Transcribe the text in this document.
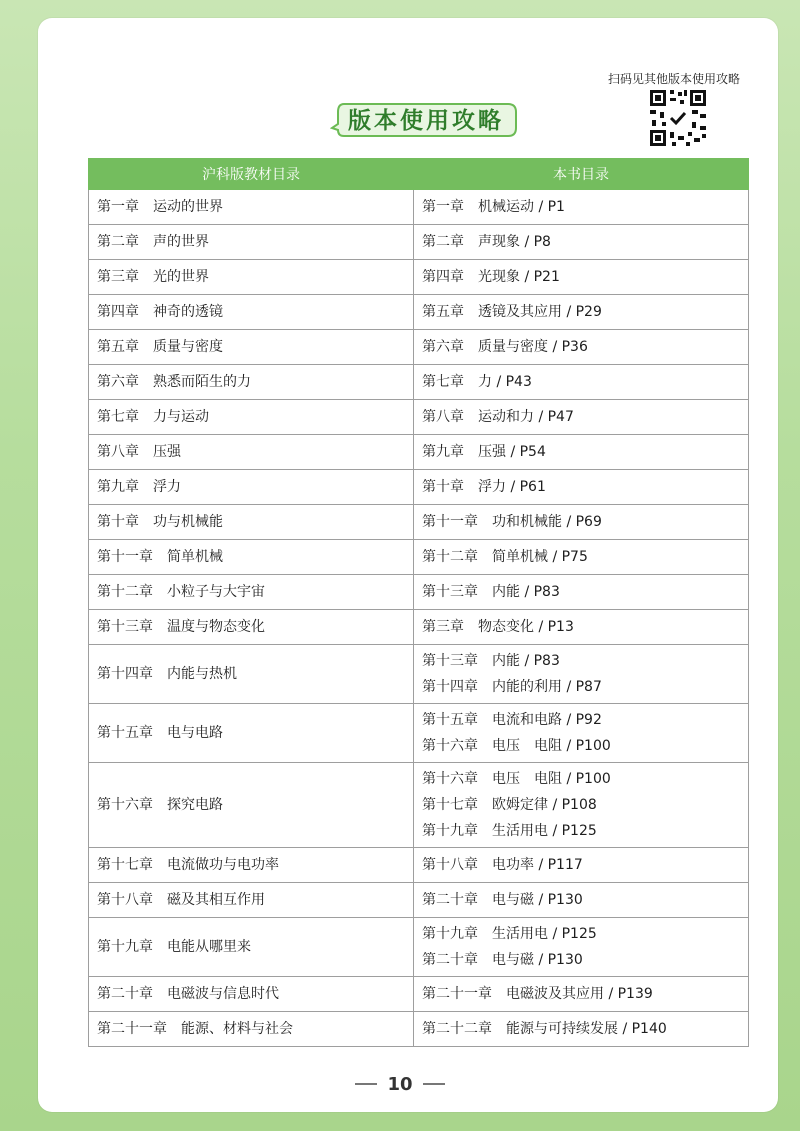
扫码见其他版本使用攻略
版本使用攻略
沪科版教材目录	本书目录
第一章　运动的世界	第一章　机械运动 / P1

第二章　声的世界	第二章　声现象 / P8

第三章　光的世界	第四章　光现象 / P21

第四章　神奇的透镜	第五章　透镜及其应用 / P29

第五章　质量与密度	第六章　质量与密度 / P36

第六章　熟悉而陌生的力	第七章　力 / P43

第七章　力与运动	第八章　运动和力 / P47

第八章　压强	第九章　压强 / P54

第九章　浮力	第十章　浮力 / P61

第十章　功与机械能	第十一章　功和机械能 / P69

第十一章　简单机械	第十二章　简单机械 / P75

第十二章　小粒子与大宇宙	第十三章　内能 / P83

第十三章　温度与物态变化	第三章　物态变化 / P13

第十四章　内能与热机	第十三章　内能 / P83
第十四章　内能的利用 / P87

第十五章　电与电路	第十五章　电流和电路 / P92
第十六章　电压　电阻 / P100

第十六章　探究电路	第十六章　电压　电阻 / P100
第十七章　欧姆定律 / P108
第十九章　生活用电 / P125

第十七章　电流做功与电功率	第十八章　电功率 / P117

第十八章　磁及其相互作用	第二十章　电与磁 / P130

第十九章　电能从哪里来	第十九章　生活用电 / P125
第二十章　电与磁 / P130

第二十章　电磁波与信息时代	第二十一章　电磁波及其应用 / P139

第二十一章　能源、材料与社会	第二十二章　能源与可持续发展 / P140
10
